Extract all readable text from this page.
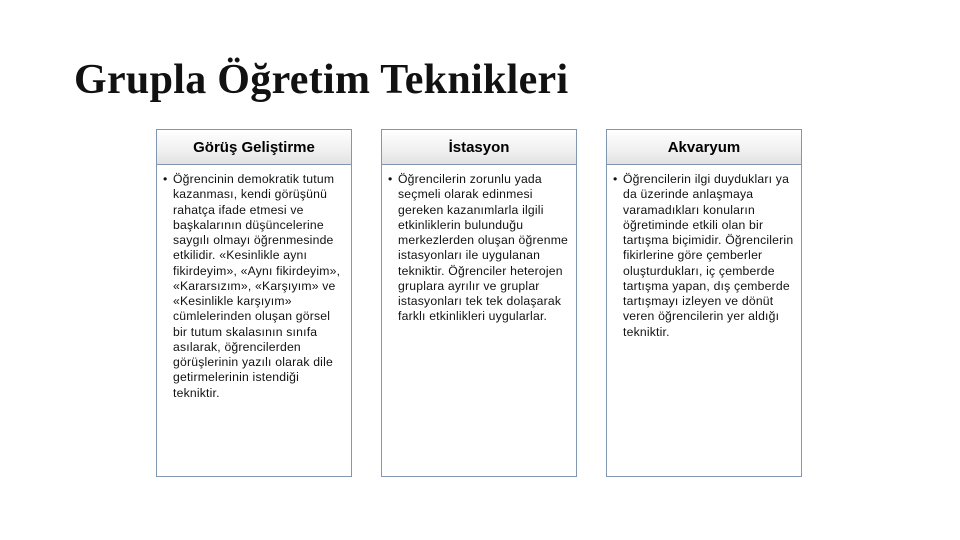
Grupla Öğretim Teknikleri
Görüş Geliştirme
• Öğrencinin demokratik tutum kazanması, kendi görüşünü rahatça ifade etmesi ve başkalarının düşüncelerine saygılı olmayı öğrenmesinde etkilidir. «Kesinlikle aynı fikirdeyim», «Aynı fikirdeyim», «Kararsızım», «Karşıyım» ve «Kesinlikle karşıyım» cümlelerinden oluşan görsel bir tutum skalasının sınıfa asılarak, öğrencilerden görüşlerinin yazılı olarak dile getirmelerinin istendiği tekniktir.
İstasyon
• Öğrencilerin zorunlu yada seçmeli olarak edinmesi gereken kazanımlarla ilgili etkinliklerin bulunduğu merkezlerden oluşan öğrenme istasyonları ile uygulanan tekniktir. Öğrenciler heterojen gruplara ayrılır ve gruplar istasyonları tek tek dolaşarak farklı etkinlikleri uygularlar.
Akvaryum
• Öğrencilerin ilgi duydukları ya da üzerinde anlaşmaya varamadıkları konuların öğretiminde etkili olan bir tartışma biçimidir. Öğrencilerin fikirlerine göre çemberler oluşturdukları, iç çemberde tartışma yapan, dış çemberde tartışmayı izleyen ve dönüt veren öğrencilerin yer aldığı tekniktir.
